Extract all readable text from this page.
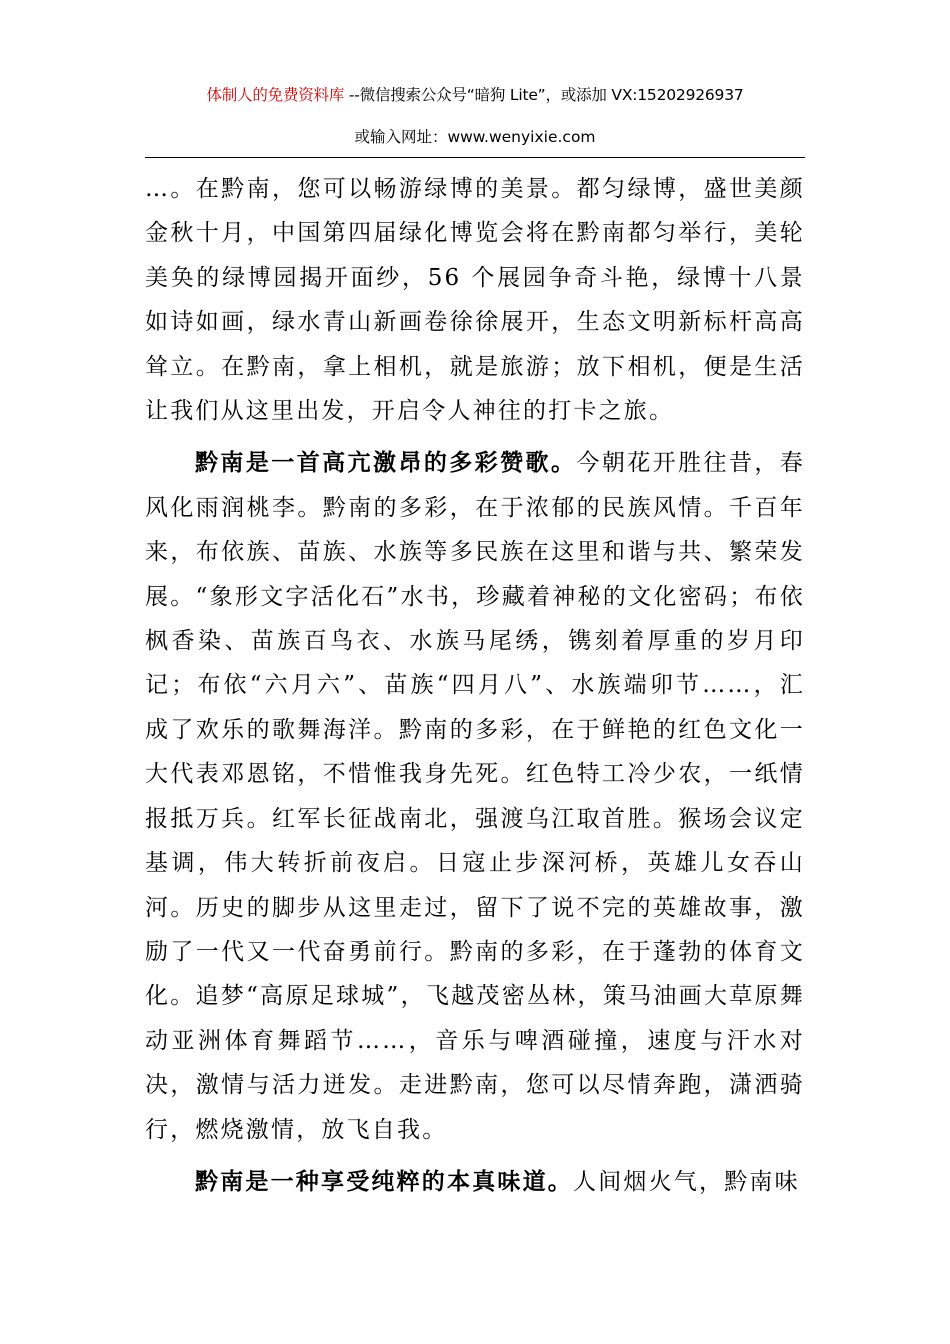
体制人的免费资料库 --微信搜索公众号“暗狗 Lite”，或添加 VX:15202926937
或输入网址：www.wenyixie.com

…。在黔南，您可以畅游绿博的美景。都匀绿博，盛世美颜金秋十月，中国第四届绿化博览会将在黔南都匀举行，美轮美奂的绿博园揭开面纱，56 个展园争奇斗艳，绿博十八景如诗如画，绿水青山新画卷徐徐展开，生态文明新标杆高高耸立。在黔南，拿上相机，就是旅游；放下相机，便是生活让我们从这里出发，开启令人神往的打卡之旅。

黔南是一首高亢激昂的多彩赞歌。今朝花开胜往昔，春风化雨润桃李。黔南的多彩，在于浓郁的民族风情。千百年来，布依族、苗族、水族等多民族在这里和谐与共、繁荣发展。“象形文字活化石”水书，珍藏着神秘的文化密码；布依枫香染、苗族百鸟衣、水族马尾绣，镌刻着厚重的岁月印记；布依“六月六”、苗族“四月八”、水族端卯节……，汇成了欢乐的歌舞海洋。黔南的多彩，在于鲜艳的红色文化一大代表邓恩铭，不惜惟我身先死。红色特工冷少农，一纸情报抵万兵。红军长征战南北，强渡乌江取首胜。猴场会议定基调，伟大转折前夜启。日寇止步深河桥，英雄儿女吞山河。历史的脚步从这里走过，留下了说不完的英雄故事，激励了一代又一代奋勇前行。黔南的多彩，在于蓬勃的体育文化。追梦“高原足球城”，飞越茂密丛林，策马油画大草原舞动亚洲体育舞蹈节……，音乐与啤酒碰撞，速度与汗水对决，激情与活力迸发。走进黔南，您可以尽情奔跑，潇洒骑行，燃烧激情，放飞自我。

黔南是一种享受纯粹的本真味道。人间烟火气，黔南味
